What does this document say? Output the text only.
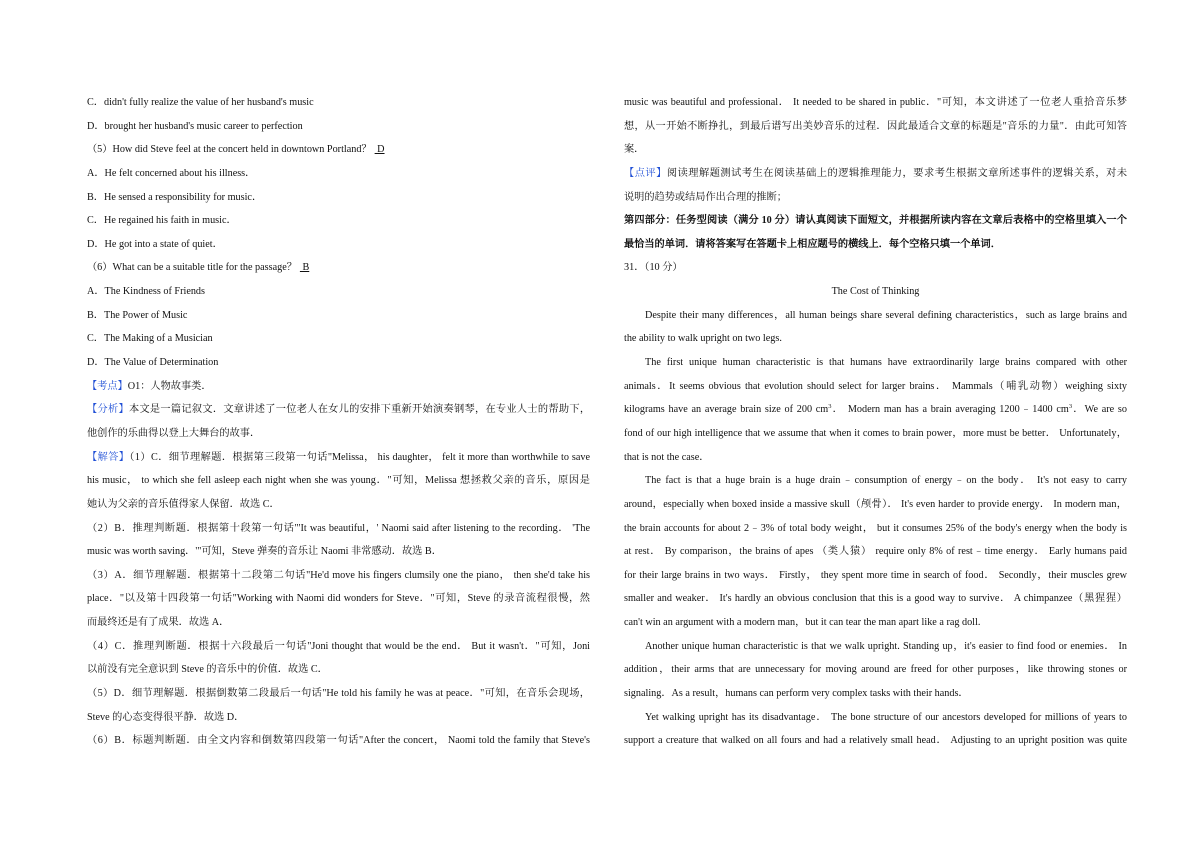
C．didn't fully realize the value of her husband's music
D．brought her husband's music career to perfection
（5）How did Steve feel at the concert held in downtown Portland？ D
A．He felt concerned about his illness．
B．He sensed a responsibility for music．
C．He regained his faith in music．
D．He got into a state of quiet．
（6）What can be a suitable title for the passage？ B
A．The Kindness of Friends
B．The Power of Music
C．The Making of a Musician
D．The Value of Determination
【考点】O1：人物故事类．
【分析】本文是一篇记叙文．文章讲述了一位老人在女儿的安排下重新开始演奏钢琴，在专业人士的帮助下，
他创作的乐曲得以登上大舞台的故事．
【解答】（1）C．细节理解题．根据第三段第一句话"Melissa， his daughter， felt it more than worthwhile to save
his music， to which she fell asleep each night when she was young．"可知，Melissa 想拯救父亲的音乐，原因是
她认为父亲的音乐值得家人保留．故选 C．
（2）B．推理判断题．根据第十段第一句话"'It was beautiful，' Naomi said after listening to the recording． 'The
music was worth saving．'"可知，Steve 弹奏的音乐让 Naomi 非常感动．故选 B．
（3）A．细节理解题．根据第十二段第二句话"He'd move his fingers clumsily one the piano， then she'd take his
place．"以及第十四段第一句话"Working with Naomi did wonders for Steve．"可知，Steve 的录音流程很慢，然
而最终还是有了成果．故选 A．
（4）C．推理判断题．根据十六段最后一句话"Joni thought that would be the end． But it wasn't．"可知，Joni
以前没有完全意识到 Steve 的音乐中的价值．故选 C．
（5）D．细节理解题．根据倒数第二段最后一句话"He told his family he was at peace．"可知，在音乐会现场，
Steve 的心态变得很平静．故选 D．
（6）B．标题判断题．由全文内容和倒数第四段第一句话"After the concert， Naomi told the family that Steve's
music was beautiful and professional． It needed to be shared in public．"可知，本文讲述了一位老人重拾音乐梦
想，从一开始不断挣扎，到最后谱写出美妙音乐的过程．因此最适合文章的标题是"音乐的力量"．由此可知答
案．
【点评】阅读理解题测试考生在阅读基础上的逻辑推理能力，要求考生根据文章所述事件的逻辑关系，对未
说明的趋势或结局作出合理的推断；
第四部分：任务型阅读（满分 10 分）请认真阅读下面短文，并根据所读内容在文章后表格中的空格里填入一个
最恰当的单词．请将答案写在答题卡上相应题号的横线上．每个空格只填一个单词．
31．（10 分）
The Cost of Thinking
Despite their many differences，all human beings share several defining characteristics，such as large brains and
the ability to walk upright on two legs.
The first unique human characteristic is that humans have extraordinarily large brains compared with other
animals．It seems obvious that evolution should select for larger brains． Mammals（哺乳动物）weighing sixty
kilograms have an average brain size of 200 $cm^3$． Modern man has a brain averaging 1200﹣1400 $cm^3$．We are so
fond of our high intelligence that we assume that when it comes to brain power，more must be better． Unfortunately，
that is not the case．
The fact is that a huge brain is a huge drain﹣consumption of energy﹣on the body． It's not easy to carry
around，especially when boxed inside a massive skull（颅骨）． It's even harder to provide energy． In modern man，
the brain accounts for about 2﹣3% of total body weight， but it consumes 25% of the body's energy when the body is
at rest． By comparison，the brains of apes （类人猿） require only 8% of rest﹣time energy． Early humans paid
for their large brains in two ways． Firstly， they spent more time in search of food． Secondly，their muscles grew
smaller and weaker． It's hardly an obvious conclusion that this is a good way to survive． A chimpanzee（黑猩猩）
can't win an argument with a modern man，but it can tear the man apart like a rag doll.
Another unique human characteristic is that we walk upright. Standing up，it's easier to find food or enemies． In
addition，their arms that are unnecessary for moving around are freed for other purposes，like throwing stones or
signaling．As a result，humans can perform very complex tasks with their hands．
Yet walking upright has its disadvantage． The bone structure of our ancestors developed for millions of years to
support a creature that walked on all fours and had a relatively small head． Adjusting to an upright position was quite
